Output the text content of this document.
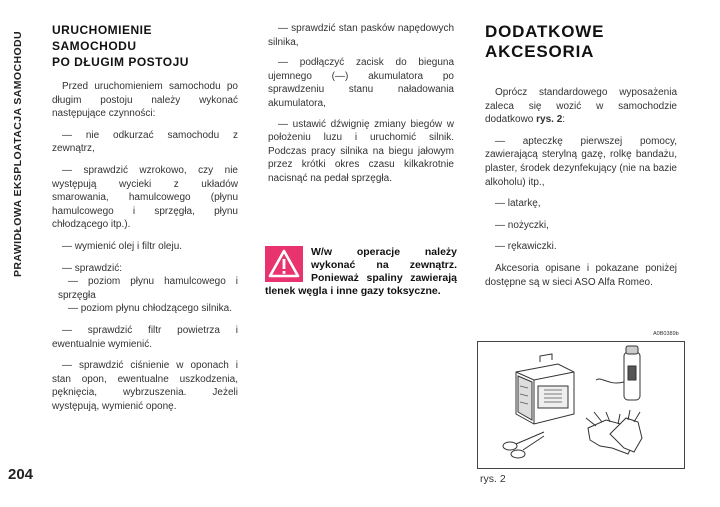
PRAWIDŁOWA EKSPLOATACJA SAMOCHODU
204
URUCHOMIENIE SAMOCHODU
PO DŁUGIM POSTOJU

Przed uruchomieniem samochodu po długim postoju należy wykonać następujące czynności:

— nie odkurzać samochodu z zewnątrz,

— sprawdzić wzrokowo, czy nie występują wycieki z układów smarowania, hamulcowego (płynu hamulcowego i sprzęgła, płynu chłodzącego itp.).

— wymienić olej i filtr oleju.

— sprawdzić:

— poziom płynu hamulcowego i sprzęgła

— poziom płynu chłodzącego silnika.

— sprawdzić filtr powietrza i ewentualnie wymienić.

— sprawdzić ciśnienie w oponach i stan opon, ewentualne uszkodzenia, pęknięcia, wybrzuszenia. Jeżeli występują, wymienić oponę.

— sprawdzić stan pasków napędowych silnika,

— podłączyć zacisk do bieguna ujemnego (—) akumulatora po sprawdzeniu stanu naładowania akumulatora,

— ustawić dźwignię zmiany biegów w położeniu luzu i uruchomić silnik. Podczas pracy silnika na biegu jałowym przez krótki okres czasu kilkakrotnie nacisnąć na pedał sprzęgła.

W/w operacje należy wykonać na zewnątrz. Ponieważ spaliny zawierają tlenek węgla i inne gazy toksyczne.
DODATKOWE
AKCESORIA

Oprócz standardowego wyposażenia zaleca się wozić w samochodzie dodatkowo rys. 2:

— apteczkę pierwszej pomocy, zawierającą sterylną gazę, rolkę bandażu, plaster, środek dezynfekujący (nie na bazie alkoholu) itp.,

— latarkę,

— nożyczki,

— rękawiczki.

Akcesoria opisane i pokazane poniżej dostępne są w sieci ASO Alfa Romeo.

A0B0389b
rys. 2
